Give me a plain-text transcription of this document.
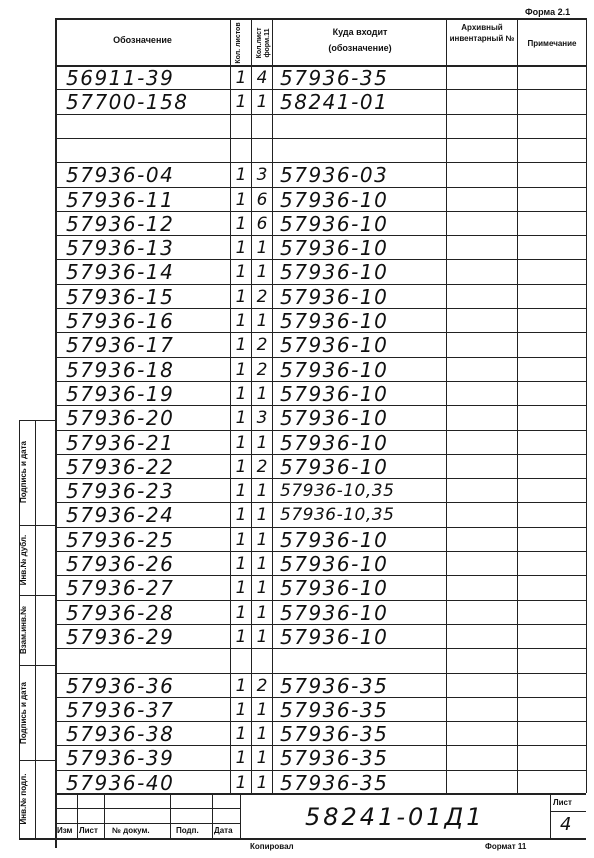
Форма 2.1
Подпись и дата
Инв.№ дубл.
Взам.инв.№
Подпись и дата
Инв.№ подл.
Обозначение	Кол. листов	Кол.лист форм.11	Куда входит (обозначение)
Архивный инвентарный №
Примечание
56911-39	1 4 57936-35
57700-158	1 1 58241-01
57936-04	1 3 57936-03
57936-11	1 6 57936-10
57936-12	1 6 57936-10
57936-13	1 1 57936-10
57936-14	1 1 57936-10
57936-15	1 2 57936-10
57936-16	1 1 57936-10
57936-17	1 2 57936-10
57936-18	1 2 57936-10
57936-19	1 1 57936-10
57936-20	1 3 57936-10
57936-21	1 1 57936-10
57936-22	1 2 57936-10
57936-23	1 1 57936-10,35
57936-24	1 1 57936-10,35
57936-25	1 1 57936-10
57936-26	1 1 57936-10
57936-27	1 1 57936-10
57936-28	1 1 57936-10
57936-29	1 1 57936-10
57936-36	1 2 57936-35
57936-37	1 1 57936-35
57936-38	1 1 57936-35
57936-39	1 1 57936-35
57936-40	1 1 57936-35
Изм Лист № докум.	Подп. Дата	58241-01Д1
Лист
4
Копировал	Формат 11
